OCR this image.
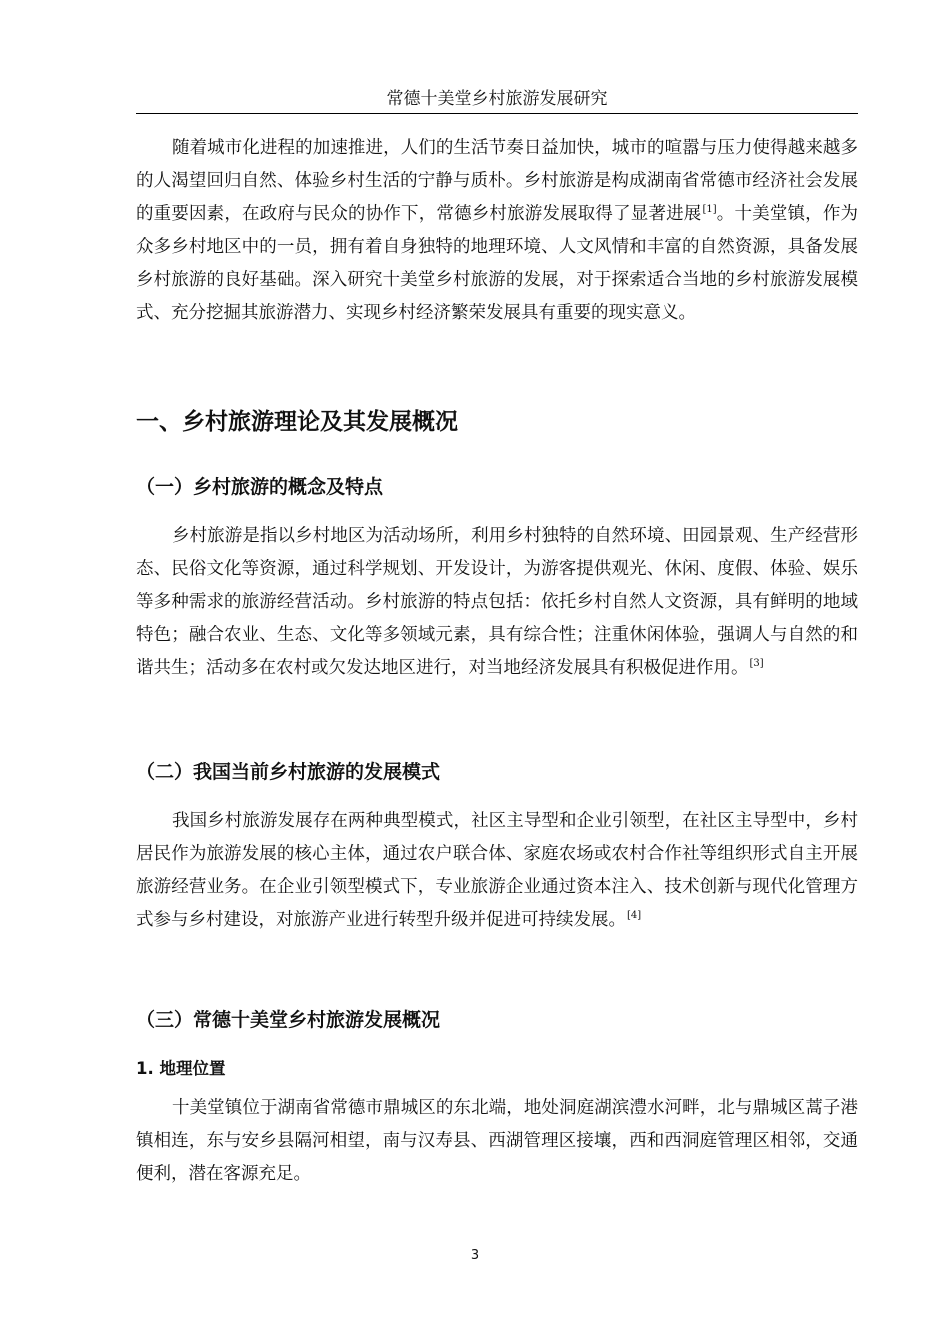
常德十美堂乡村旅游发展研究

随着城市化进程的加速推进，人们的生活节奏日益加快，城市的喧嚣与压力使得越来越多的人渴望回归自然、体验乡村生活的宁静与质朴。乡村旅游是构成湖南省常德市经济社会发展的重要因素，在政府与民众的协作下，常德乡村旅游发展取得了显著进展[1]。十美堂镇，作为众多乡村地区中的一员，拥有着自身独特的地理环境、人文风情和丰富的自然资源，具备发展乡村旅游的良好基础。深入研究十美堂乡村旅游的发展，对于探索适合当地的乡村旅游发展模式、充分挖掘其旅游潜力、实现乡村经济繁荣发展具有重要的现实意义。

一、乡村旅游理论及其发展概况
（一）乡村旅游的概念及特点

乡村旅游是指以乡村地区为活动场所，利用乡村独特的自然环境、田园景观、生产经营形态、民俗文化等资源，通过科学规划、开发设计，为游客提供观光、休闲、度假、体验、娱乐等多种需求的旅游经营活动。乡村旅游的特点包括：依托乡村自然人文资源，具有鲜明的地域特色；融合农业、生态、文化等多领域元素，具有综合性；注重休闲体验，强调人与自然的和谐共生；活动多在农村或欠发达地区进行，对当地经济发展具有积极促进作用。[3]

（二）我国当前乡村旅游的发展模式

我国乡村旅游发展存在两种典型模式，社区主导型和企业引领型，在社区主导型中，乡村居民作为旅游发展的核心主体，通过农户联合体、家庭农场或农村合作社等组织形式自主开展旅游经营业务。在企业引领型模式下，专业旅游企业通过资本注入、技术创新与现代化管理方式参与乡村建设，对旅游产业进行转型升级并促进可持续发展。[4]

（三）常德十美堂乡村旅游发展概况
1. 地理位置

十美堂镇位于湖南省常德市鼎城区的东北端，地处洞庭湖滨澧水河畔，北与鼎城区蒿子港镇相连，东与安乡县隔河相望，南与汉寿县、西湖管理区接壤，西和西洞庭管理区相邻，交通便利，潜在客源充足。

3
